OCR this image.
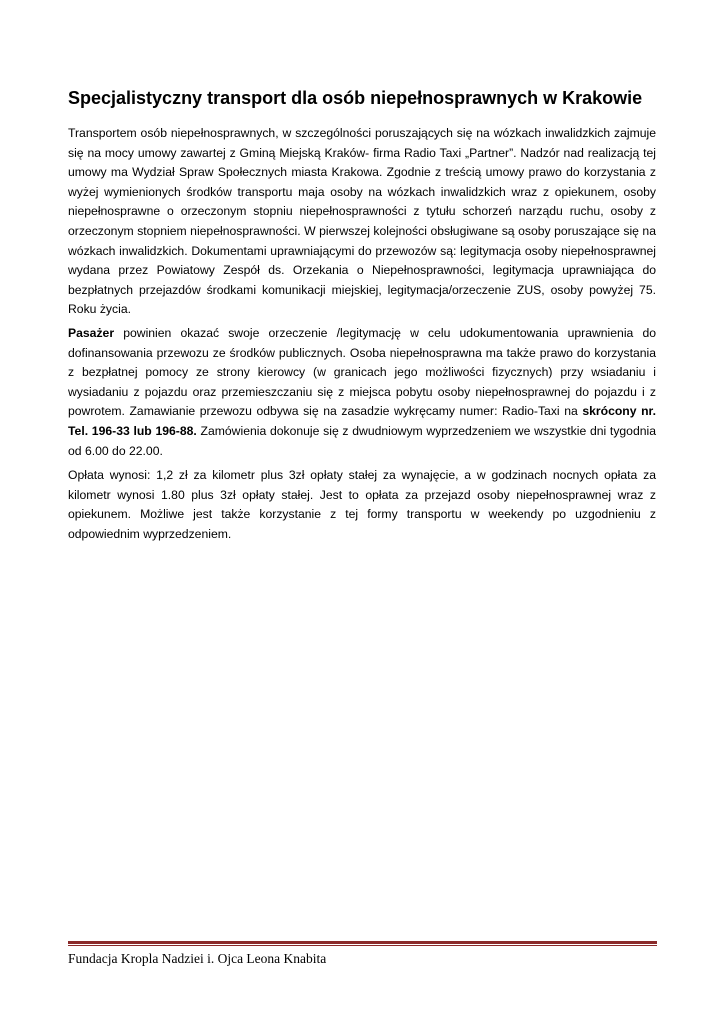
Specjalistyczny transport dla osób niepełnosprawnych w Krakowie

Transportem osób niepełnosprawnych, w szczególności poruszających się na wózkach inwalidzkich zajmuje się na mocy umowy zawartej z Gminą Miejską Kraków- firma Radio Taxi „Partner”. Nadzór nad realizacją tej umowy ma Wydział Spraw Społecznych miasta Krakowa. Zgodnie z treścią umowy prawo do korzystania z wyżej wymienionych środków transportu maja osoby na wózkach inwalidzkich wraz z opiekunem, osoby niepełnosprawne o orzeczonym stopniu niepełnosprawności z tytułu schorzeń narządu ruchu, osoby z orzeczonym stopniem niepełnosprawności. W pierwszej kolejności obsługiwane są osoby poruszające się na wózkach inwalidzkich. Dokumentami uprawniającymi do przewozów są: legitymacja osoby niepełnosprawnej wydana przez Powiatowy Zespół ds. Orzekania o Niepełnosprawności, legitymacja uprawniająca do bezpłatnych przejazdów środkami komunikacji miejskiej, legitymacja/orzeczenie ZUS, osoby powyżej 75. Roku życia.

Pasażer powinien okazać swoje orzeczenie /legitymację w celu udokumentowania uprawnienia do dofinansowania przewozu ze środków publicznych. Osoba niepełnosprawna ma także prawo do korzystania z bezpłatnej pomocy ze strony kierowcy (w granicach jego możliwości fizycznych) przy wsiadaniu i wysiadaniu z pojazdu oraz przemieszczaniu się z miejsca pobytu osoby niepełnosprawnej do pojazdu i z powrotem. Zamawianie przewozu odbywa się na zasadzie wykręcamy numer: Radio-Taxi na skrócony nr. Tel. 196-33 lub 196-88. Zamówienia dokonuje się z dwudniowym wyprzedzeniem we wszystkie dni tygodnia od 6.00 do 22.00.

Opłata wynosi: 1,2 zł za kilometr plus 3zł opłaty stałej za wynajęcie, a w godzinach nocnych opłata za kilometr wynosi 1.80 plus 3zł opłaty stałej. Jest to opłata za przejazd osoby niepełnosprawnej wraz z opiekunem. Możliwe jest także korzystanie z tej formy transportu w weekendy po uzgodnieniu z odpowiednim wyprzedzeniem.

Fundacja Kropla Nadziei i. Ojca Leona Knabita
